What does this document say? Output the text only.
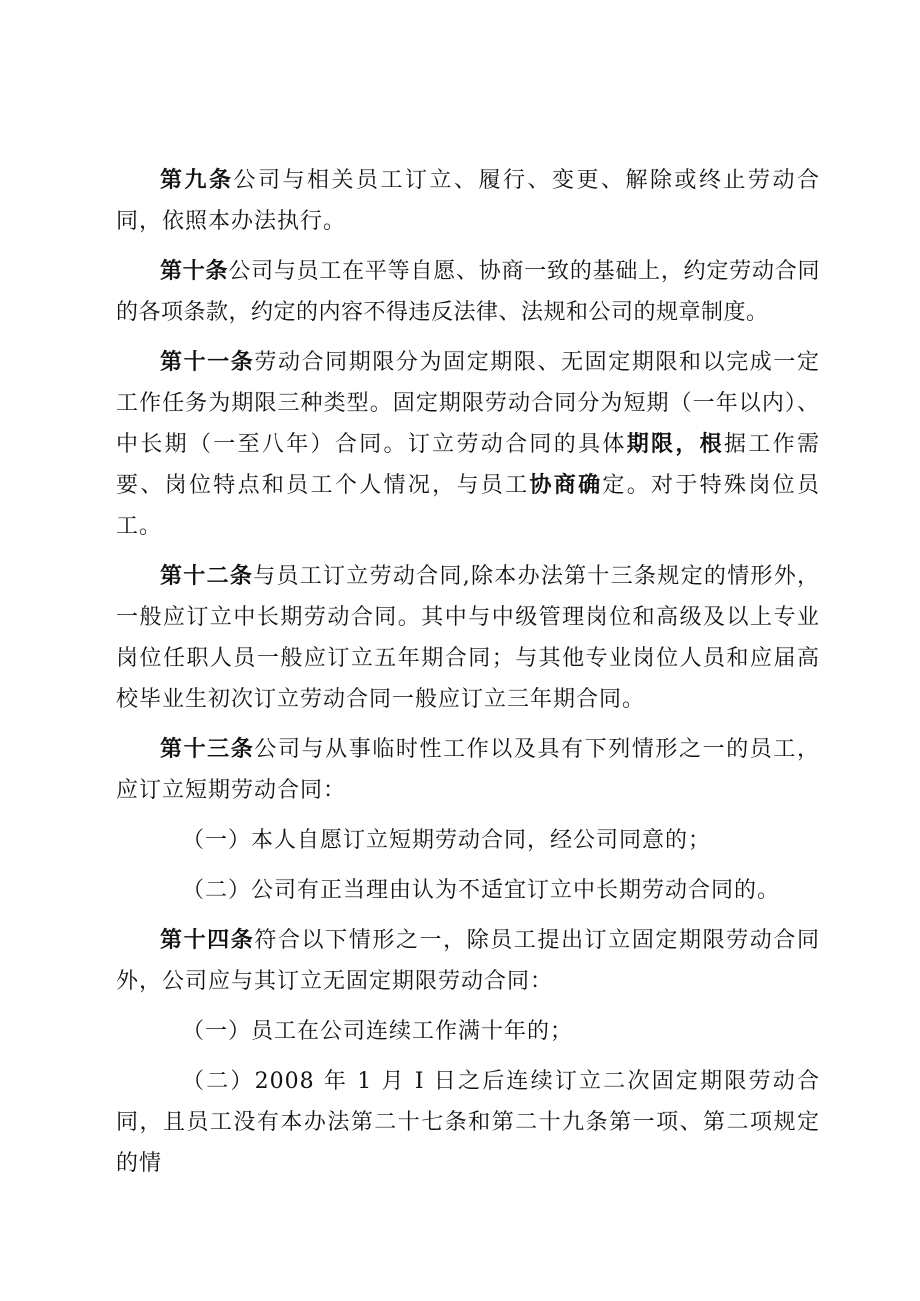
第九条公司与相关员工订立、履行、变更、解除或终止劳动合同，依照本办法执行。

第十条公司与员工在平等自愿、协商一致的基础上，约定劳动合同的各项条款，约定的内容不得违反法律、法规和公司的规章制度。

第十一条劳动合同期限分为固定期限、无固定期限和以完成一定工作任务为期限三种类型。固定期限劳动合同分为短期（一年以内）、中长期（一至八年）合同。订立劳动合同的具体期限，根据工作需要、岗位特点和员工个人情况，与员工协商确定。对于特殊岗位员工。

第十二条与员工订立劳动合同,除本办法第十三条规定的情形外，一般应订立中长期劳动合同。其中与中级管理岗位和高级及以上专业岗位任职人员一般应订立五年期合同；与其他专业岗位人员和应届高校毕业生初次订立劳动合同一般应订立三年期合同。

第十三条公司与从事临时性工作以及具有下列情形之一的员工，应订立短期劳动合同：

（一）本人自愿订立短期劳动合同，经公司同意的；

（二）公司有正当理由认为不适宜订立中长期劳动合同的。

第十四条符合以下情形之一，除员工提出订立固定期限劳动合同外，公司应与其订立无固定期限劳动合同：

（一）员工在公司连续工作满十年的；

（二）2008 年 1 月 I 日之后连续订立二次固定期限劳动合同，且员工没有本办法第二十七条和第二十九条第一项、第二项规定的情
